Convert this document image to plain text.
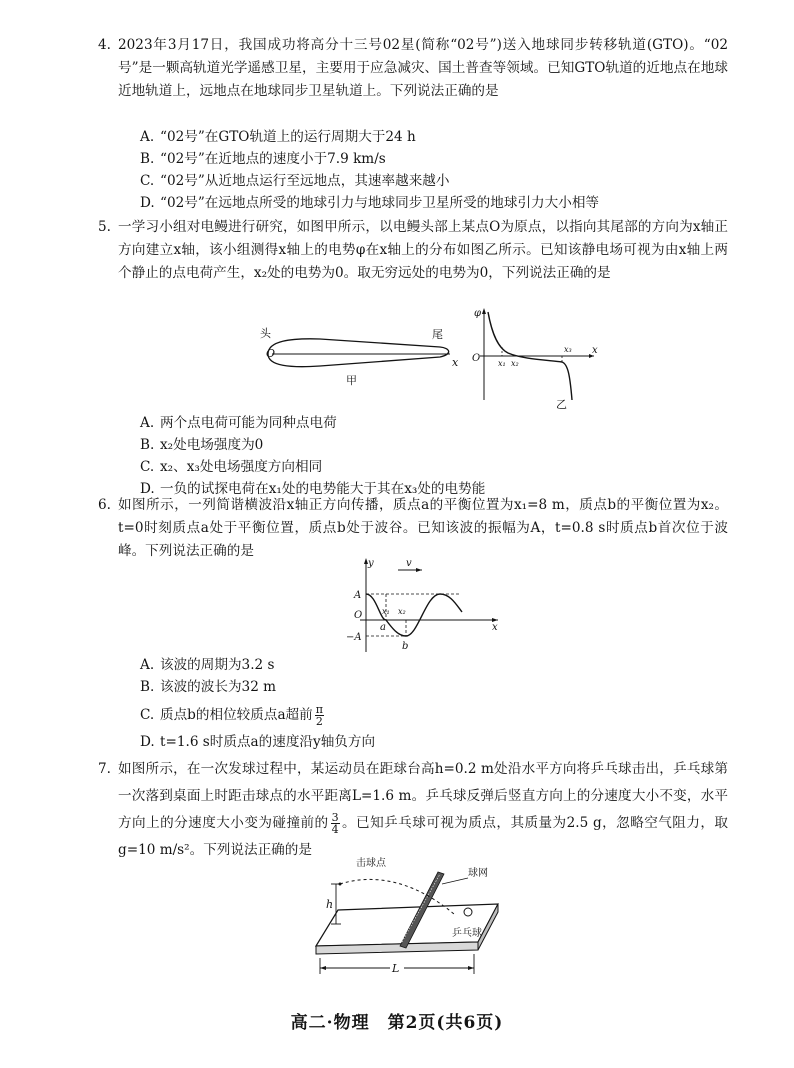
4. 2023年3月17日，我国成功将高分十三号02星(简称“02号”)送入地球同步转移轨道(GTO)。“02号”是一颗高轨道光学遥感卫星，主要用于应急减灾、国土普查等领域。已知GTO轨道的近地点在地球近地轨道上，远地点在地球同步卫星轨道上。下列说法正确的是

A. “02号”在GTO轨道上的运行周期大于24 h
B. “02号”在近地点的速度小于7.9 km/s
C. “02号”从近地点运行至远地点，其速率越来越小
D. “02号”在远地点所受的地球引力与地球同步卫星所受的地球引力大小相等
5. 一学习小组对电鳗进行研究，如图甲所示，以电鳗头部上某点O为原点，以指向其尾部的方向为x轴正方向建立x轴，该小组测得x轴上的电势φ在x轴上的分布如图乙所示。已知该静电场可视为由x轴上两个静止的点电荷产生，x₂处的电势为0。取无穷远处的电势为0，下列说法正确的是

头	尾
O
x
甲
φ
O x₁ x₂
x₃ x
乙
A. 两个点电荷可能为同种点电荷
B. x₂处电场强度为0
C. x₂、x₃处电场强度方向相同
D. 一负的试探电荷在x₁处的电势能大于其在x₃处的电势能
6. 如图所示，一列简谐横波沿x轴正方向传播，质点a的平衡位置为x₁=8 m，质点b的平衡位置为x₂。t=0时刻质点a处于平衡位置，质点b处于波谷。已知该波的振幅为A，t=0.8 s时质点b首次位于波峰。下列说法正确的是

y	v
A
O
−A
x₁ x₂
a
b
x
A. 该波的周期为3.2 s
B. 该波的波长为32 m
C. 质点b的相位较质点a超前 $\frac{\pi}{2}$
D. t=1.6 s时质点a的速度沿y轴负方向
7. 如图所示，在一次发球过程中，某运动员在距球台高h=0.2 m处沿水平方向将乒乓球击出，乒乓球第一次落到桌面上时距击球点的水平距离L=1.6 m。乒乓球反弹后竖直方向上的分速度大小不变，水平方向上的分速度大小变为碰撞前的 $\frac{3}{4}$ 。已知乒乓球可视为质点，其质量为2.5 g，忽略空气阻力，取g=10 m/s²。下列说法正确的是

h
L
击球点
球网
乒乓球
高二·物理　第2页(共6页)
